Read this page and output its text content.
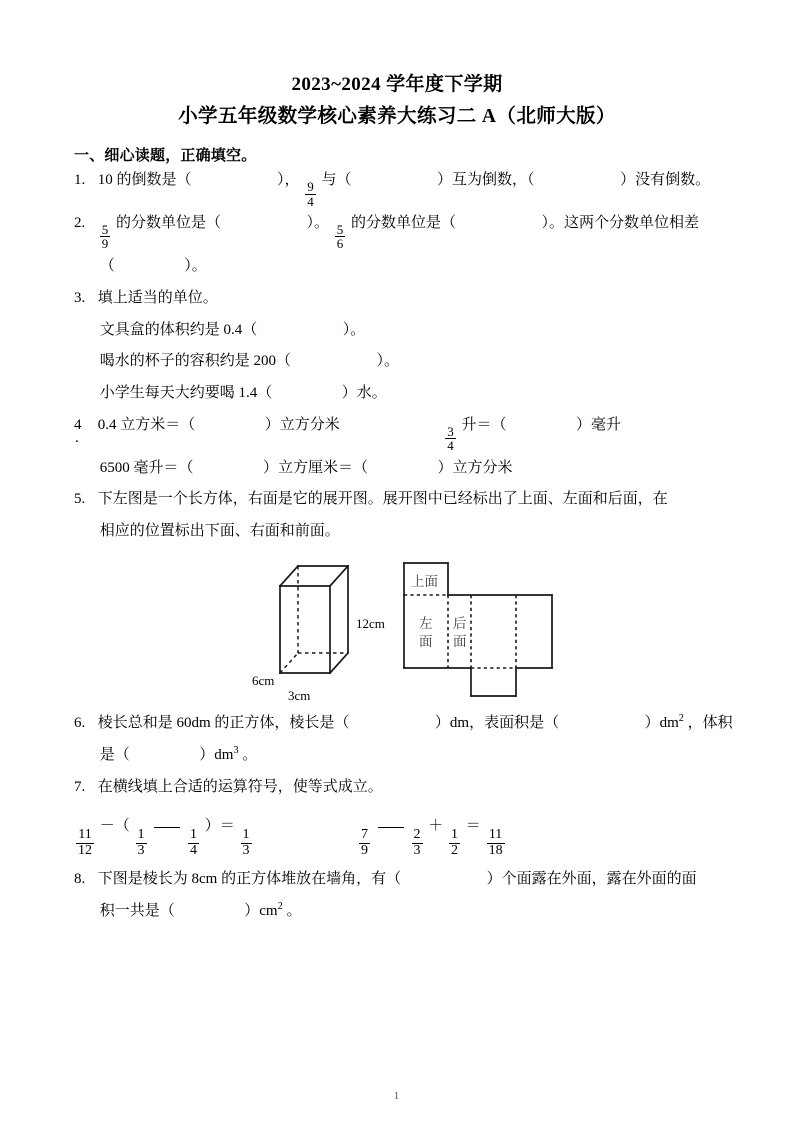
2023~2024 学年度下学期
小学五年级数学核心素养大练习二 A（北师大版）
一、细心读题，正确填空。
1. 10 的倒数是（	）， $\frac{9}{4}$ 与（	）互为倒数，（	）没有倒数。
2. $\frac{5}{9}$ 的分数单位是（	）。 $\frac{5}{6}$ 的分数单位是（	）。这两个分数单位相差
（	）。
3. 填上适当的单位。
文具盒的体积约是 0.4（	）。
喝水的杯子的容积约是 200（	）。
小学生每天大约要喝 1.4（	）水。
4
.
0.4 立方米＝（	）立方分米	$\frac{3}{4}$ 升＝（	）毫升
6500 毫升＝（	）立方厘米＝（	）立方分米
5. 下左图是一个长方体，右面是它的展开图。展开图中已经标出了上面、左面和后面，在
相应的位置标出下面、右面和前面。
12cm
6cm
3cm
上面
左
面
后
面
6. 棱长总和是 60dm 的正方体，棱长是（	）dm，表面积是（	）$dm^2$ ，体积
是（	）$dm^3$ 。
7. 在横线填上合适的运算符号，使等式成立。
$\frac{11}{12}$
－（
$\frac{1}{3}$
	$\frac{1}{4}$
）＝
$\frac{1}{3}$
	$\frac{7}{9}$
	$\frac{2}{3}$
＋
$\frac{1}{2}$
＝
$\frac{11}{18}$
8. 下图是棱长为 8cm 的正方体堆放在墙角，有（	）个面露在外面，露在外面的面
积一共是（	）$cm^2$ 。
1
